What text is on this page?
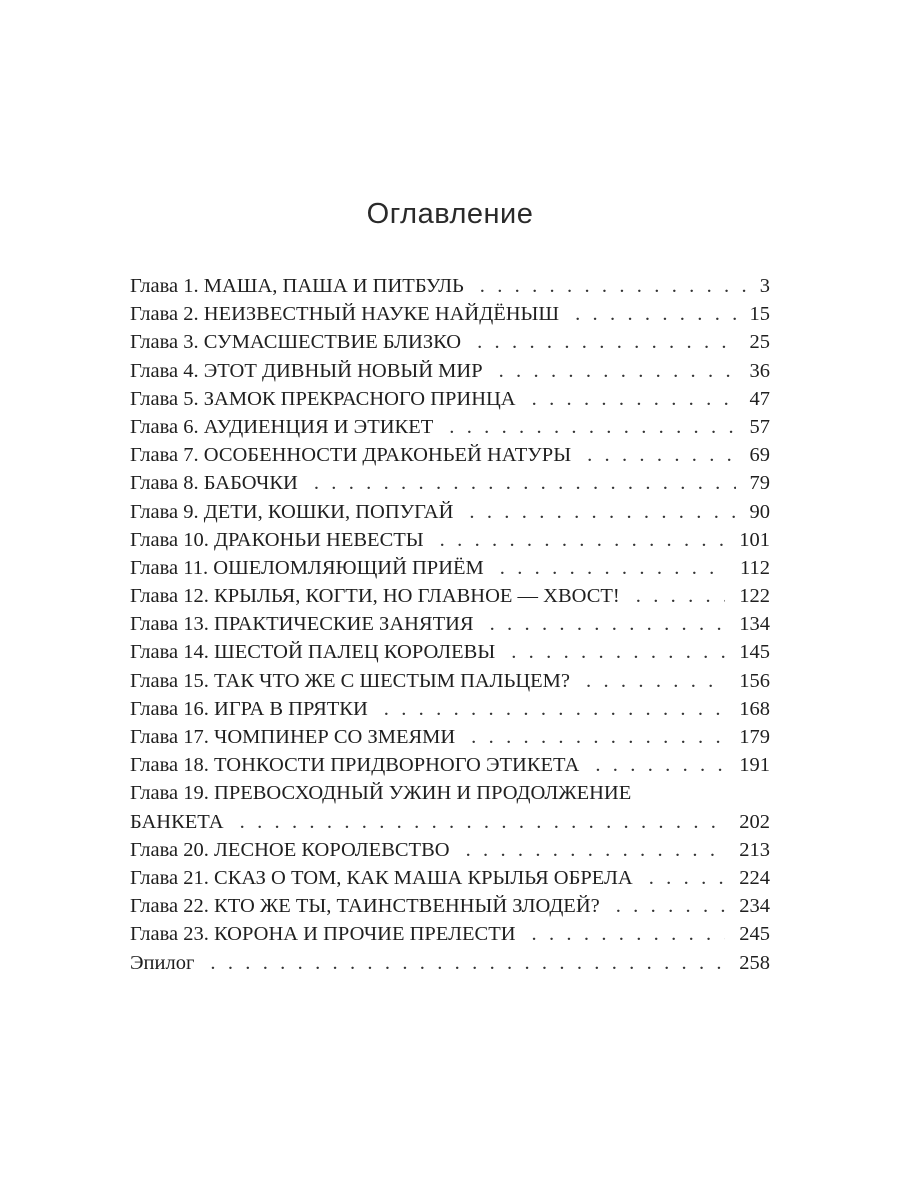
Оглавление
Глава 1. МАША, ПАША И ПИТБУЛЬ . . .	3
Глава 2. НЕИЗВЕСТНЫЙ НАУКЕ НАЙДЁНЫШ . . .	15
Глава 3. СУМАСШЕСТВИЕ БЛИЗКО . . .	25
Глава 4. ЭТОТ ДИВНЫЙ НОВЫЙ МИР . . .	36
Глава 5. ЗАМОК ПРЕКРАСНОГО ПРИНЦА . . .	47
Глава 6. АУДИЕНЦИЯ И ЭТИКЕТ . . .	57
Глава 7. ОСОБЕННОСТИ ДРАКОНЬЕЙ НАТУРЫ . . .	69
Глава 8. БАБОЧКИ . . .	79
Глава 9. ДЕТИ, КОШКИ, ПОПУГАЙ . . .	90
Глава 10. ДРАКОНЬИ НЕВЕСТЫ . . .	101
Глава 11. ОШЕЛОМЛЯЮЩИЙ ПРИЁМ . . .	112
Глава 12. КРЫЛЬЯ, КОГТИ, НО ГЛАВНОЕ — ХВОСТ! . . .	122
Глава 13. ПРАКТИЧЕСКИЕ ЗАНЯТИЯ . . .	134
Глава 14. ШЕСТОЙ ПАЛЕЦ КОРОЛЕВЫ . . .	145
Глава 15. ТАК ЧТО ЖЕ С ШЕСТЫМ ПАЛЬЦЕМ? . . .	156
Глава 16. ИГРА В ПРЯТКИ . . .	168
Глава 17. ЧОМПИНЕР СО ЗМЕЯМИ . . .	179
Глава 18. ТОНКОСТИ ПРИДВОРНОГО ЭТИКЕТА . . .	191
Глава 19. ПРЕВОСХОДНЫЙ УЖИН И ПРОДОЛЖЕНИЕ
БАНКЕТА . . .	202
Глава 20. ЛЕСНОЕ КОРОЛЕВСТВО . . .	213
Глава 21. СКАЗ О ТОМ, КАК МАША КРЫЛЬЯ ОБРЕЛА . . .	224
Глава 22. КТО ЖЕ ТЫ, ТАИНСТВЕННЫЙ ЗЛОДЕЙ? . . .	234
Глава 23. КОРОНА И ПРОЧИЕ ПРЕЛЕСТИ . . .	245
Эпилог . . .	258
